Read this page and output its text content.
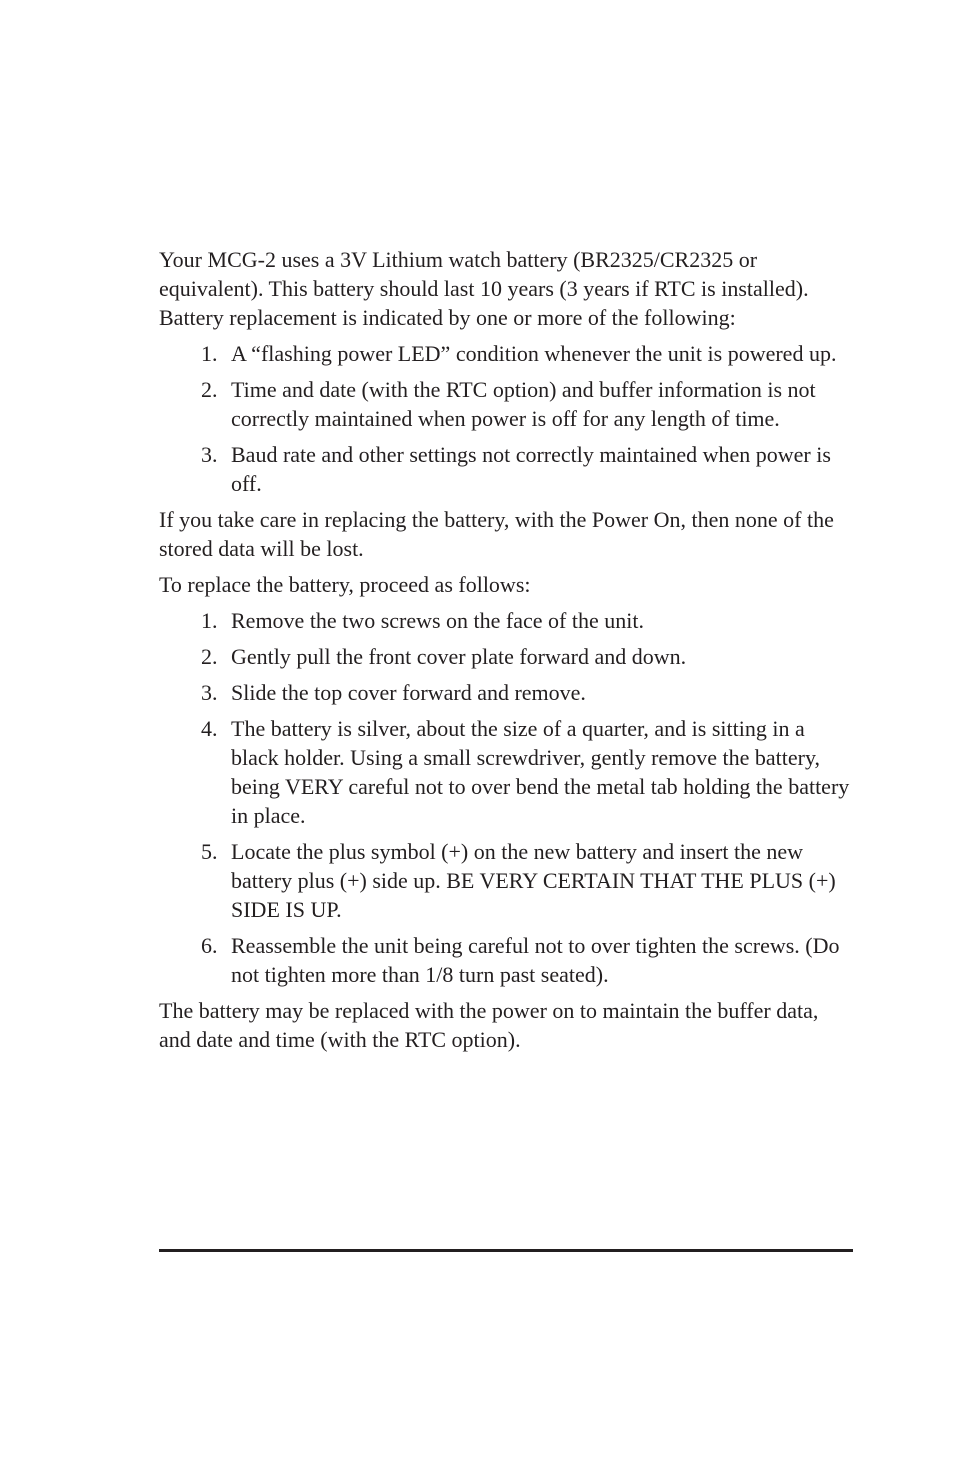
Your MCG-2 uses a 3V Lithium watch battery (BR2325/CR2325 or equivalent). This battery should last 10 years (3 years if RTC is installed). Battery replacement is indicated by one or more of the following:

1. A “flashing power LED” condition whenever the unit is powered up.
2. Time and date (with the RTC option) and buffer information is not correctly maintained when power is off for any length of time.
3. Baud rate and other settings not correctly maintained when power is off.

If you take care in replacing the battery, with the Power On, then none of the stored data will be lost.

To replace the battery, proceed as follows:

1. Remove the two screws on the face of the unit.
2. Gently pull the front cover plate forward and down.
3. Slide the top cover forward and remove.
4. The battery is silver, about the size of a quarter, and is sitting in a black holder. Using a small screwdriver, gently remove the battery, being VERY careful not to over bend the metal tab holding the battery in place.
5. Locate the plus symbol (+) on the new battery and insert the new battery plus (+) side up. BE VERY CERTAIN THAT THE PLUS (+) SIDE IS UP.
6. Reassemble the unit being careful not to over tighten the screws. (Do not tighten more than 1/8 turn past seated).

The battery may be replaced with the power on to maintain the buffer data, and date and time (with the RTC option).
